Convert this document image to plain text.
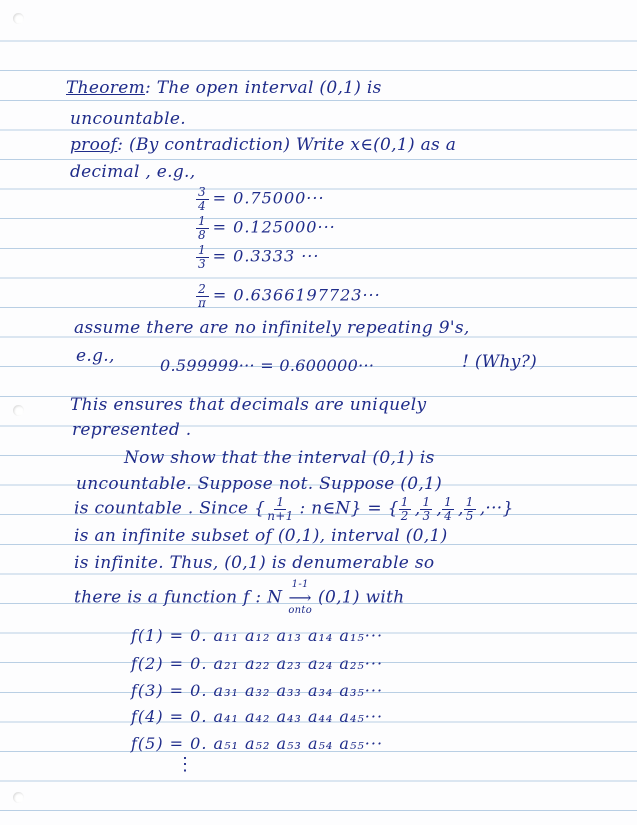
Theorem: The open interval (0,1) is
uncountable.
proof: (By contradiction) Write x∈(0,1) as a
decimal , e.g.,
$\frac{3}{4} = 0.75000\cdot\cdot\cdot$
$\frac{1}{8} = 0.125000\cdot\cdot\cdot$
$\frac{1}{3} = 0.3333$ ···
$\frac{2}{\pi} = 0.6366197723\cdot\cdot\cdot$
assume there are no infinitely repeating 9's,
e.g.,	0.599999··· = 0.600000···	! (Why?)
This ensures that decimals are uniquely
represented .
Now show that the interval (0,1) is
uncountable. Suppose not. Suppose (0,1)
is countable . Since { $\frac{1}{n+1}$ : n∈N} = { $\frac{1}{2}$ , $\frac{1}{3}$ , $\frac{1}{4}$ , $\frac{1}{5}$ ,···}
is an infinite subset of (0,1), interval (0,1)
is infinite. Thus, (0,1) is denumerable so
there is a function f : N
1-1
⟶
onto
(0,1) with
f(1) = 0. a₁₁ a₁₂ a₁₃ a₁₄ a₁₅···
f(2) = 0. a₂₁ a₂₂ a₂₃ a₂₄ a₂₅···
f(3) = 0. a₃₁ a₃₂ a₃₃ a₃₄ a₃₅···
f(4) = 0. a₄₁ a₄₂ a₄₃ a₄₄ a₄₅···
f(5) = 0. a₅₁ a₅₂ a₅₃ a₅₄ a₅₅···
⋮
